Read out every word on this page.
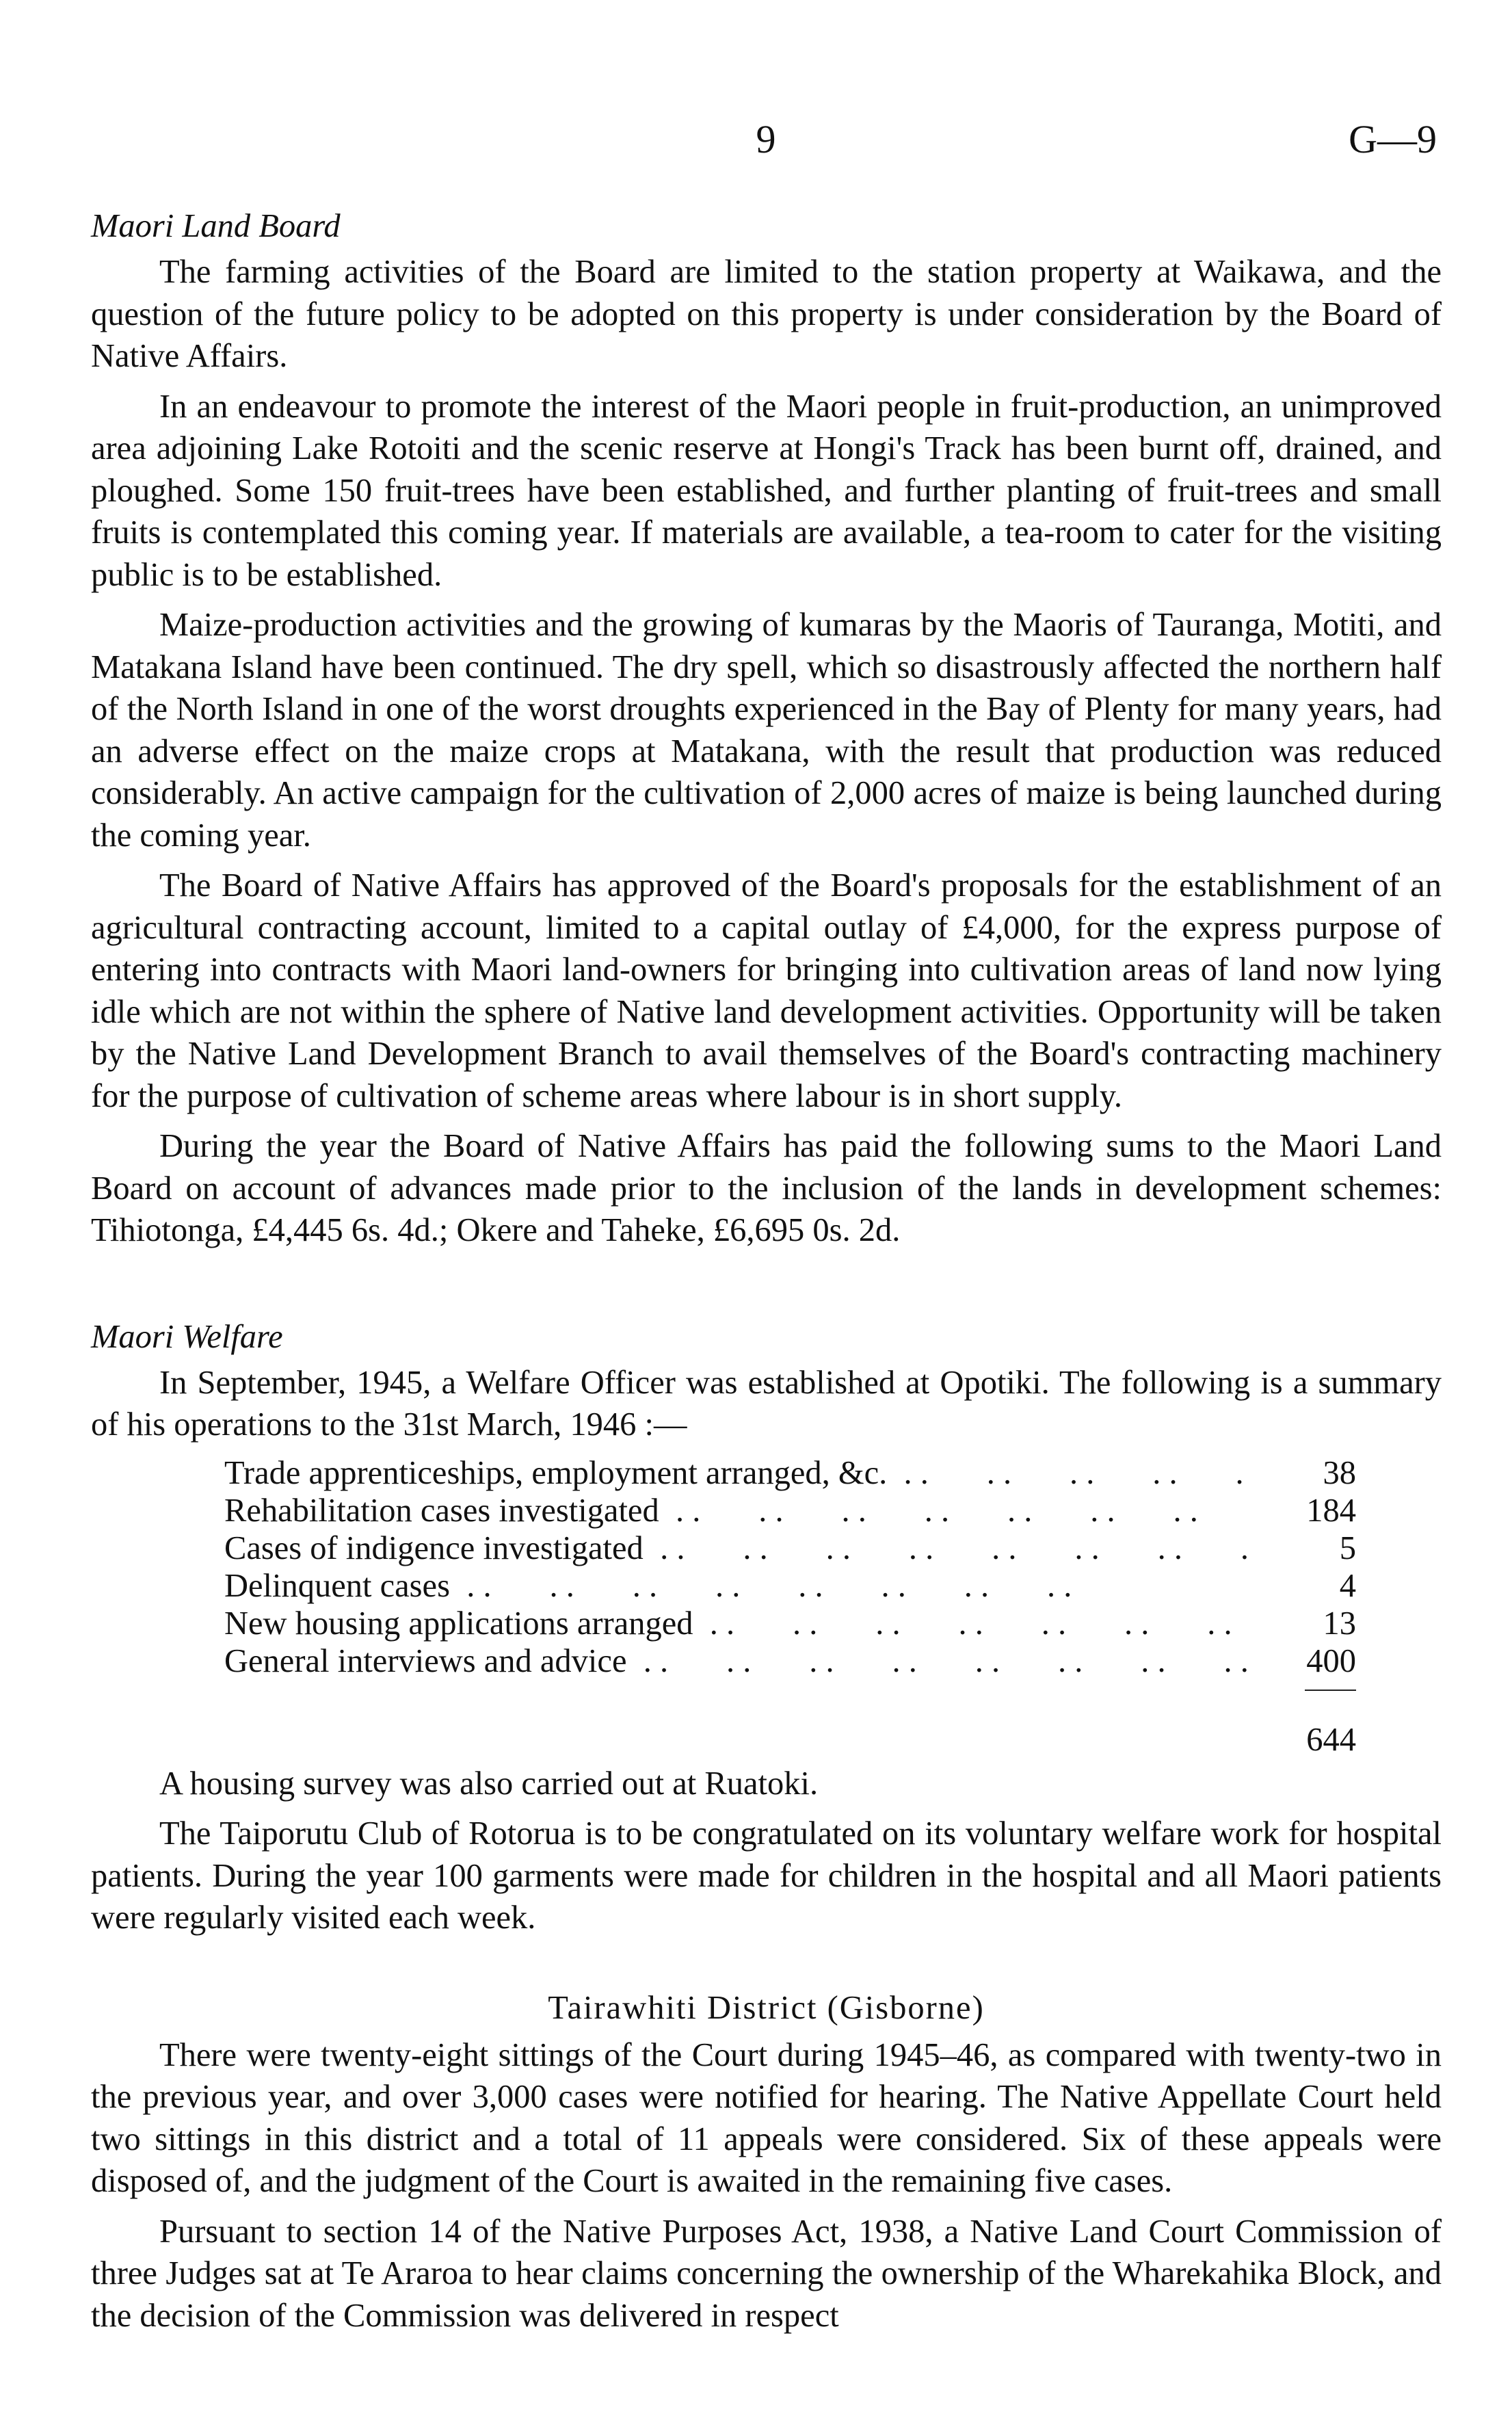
9	G—9
Maori Land Board

The farming activities of the Board are limited to the station property at Waikawa, and the question of the future policy to be adopted on this property is under consideration by the Board of Native Affairs.

In an endeavour to promote the interest of the Maori people in fruit-production, an unimproved area adjoining Lake Rotoiti and the scenic reserve at Hongi's Track has been burnt off, drained, and ploughed. Some 150 fruit-trees have been established, and further planting of fruit-trees and small fruits is contemplated this coming year. If materials are available, a tea-room to cater for the visiting public is to be established.

Maize-production activities and the growing of kumaras by the Maoris of Tauranga, Motiti, and Matakana Island have been continued. The dry spell, which so disastrously affected the northern half of the North Island in one of the worst droughts experienced in the Bay of Plenty for many years, had an adverse effect on the maize crops at Matakana, with the result that production was reduced considerably. An active campaign for the cultivation of 2,000 acres of maize is being launched during the coming year.

The Board of Native Affairs has approved of the Board's proposals for the establishment of an agricultural contracting account, limited to a capital outlay of £4,000, for the express purpose of entering into contracts with Maori land-owners for bringing into cultivation areas of land now lying idle which are not within the sphere of Native land development activities. Opportunity will be taken by the Native Land Development Branch to avail themselves of the Board's contracting machinery for the purpose of cultivation of scheme areas where labour is in short supply.

During the year the Board of Native Affairs has paid the following sums to the Maori Land Board on account of advances made prior to the inclusion of the lands in development schemes: Tihiotonga, £4,445 6s. 4d.; Okere and Taheke, £6,695 0s. 2d.

Maori Welfare

In September, 1945, a Welfare Officer was established at Opotiki. The following is a summary of his operations to the 31st March, 1946 :—

Trade apprenticeships, employment arranged, &c. . .	38
Rehabilitation cases investigated . .	184
Cases of indigence investigated . .	5
Delinquent cases . .	4
New housing applications arranged . .	13
General interviews and advice . .	400
644

A housing survey was also carried out at Ruatoki.

The Taiporutu Club of Rotorua is to be congratulated on its voluntary welfare work for hospital patients. During the year 100 garments were made for children in the hospital and all Maori patients were regularly visited each week.

Tairawhiti District (Gisborne)

There were twenty-eight sittings of the Court during 1945–46, as compared with twenty-two in the previous year, and over 3,000 cases were notified for hearing. The Native Appellate Court held two sittings in this district and a total of 11 appeals were considered. Six of these appeals were disposed of, and the judgment of the Court is awaited in the remaining five cases.

Pursuant to section 14 of the Native Purposes Act, 1938, a Native Land Court Commission of three Judges sat at Te Araroa to hear claims concerning the ownership of the Wharekahika Block, and the decision of the Commission was delivered in respect
